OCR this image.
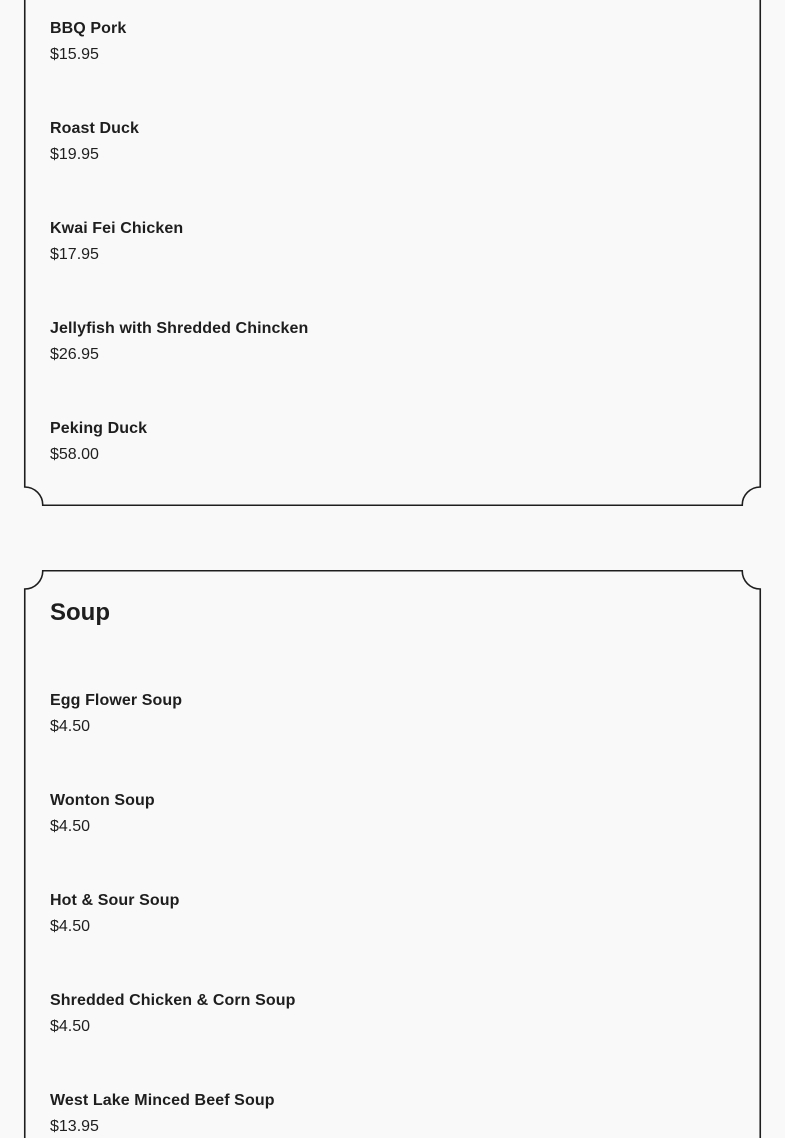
BBQ Pork
$15.95
Roast Duck
$19.95
Kwai Fei Chicken
$17.95
Jellyfish with Shredded Chincken
$26.95
Peking Duck
$58.00
Soup
Egg Flower Soup
$4.50
Wonton Soup
$4.50
Hot & Sour Soup
$4.50
Shredded Chicken & Corn Soup
$4.50
West Lake Minced Beef Soup
$13.95
